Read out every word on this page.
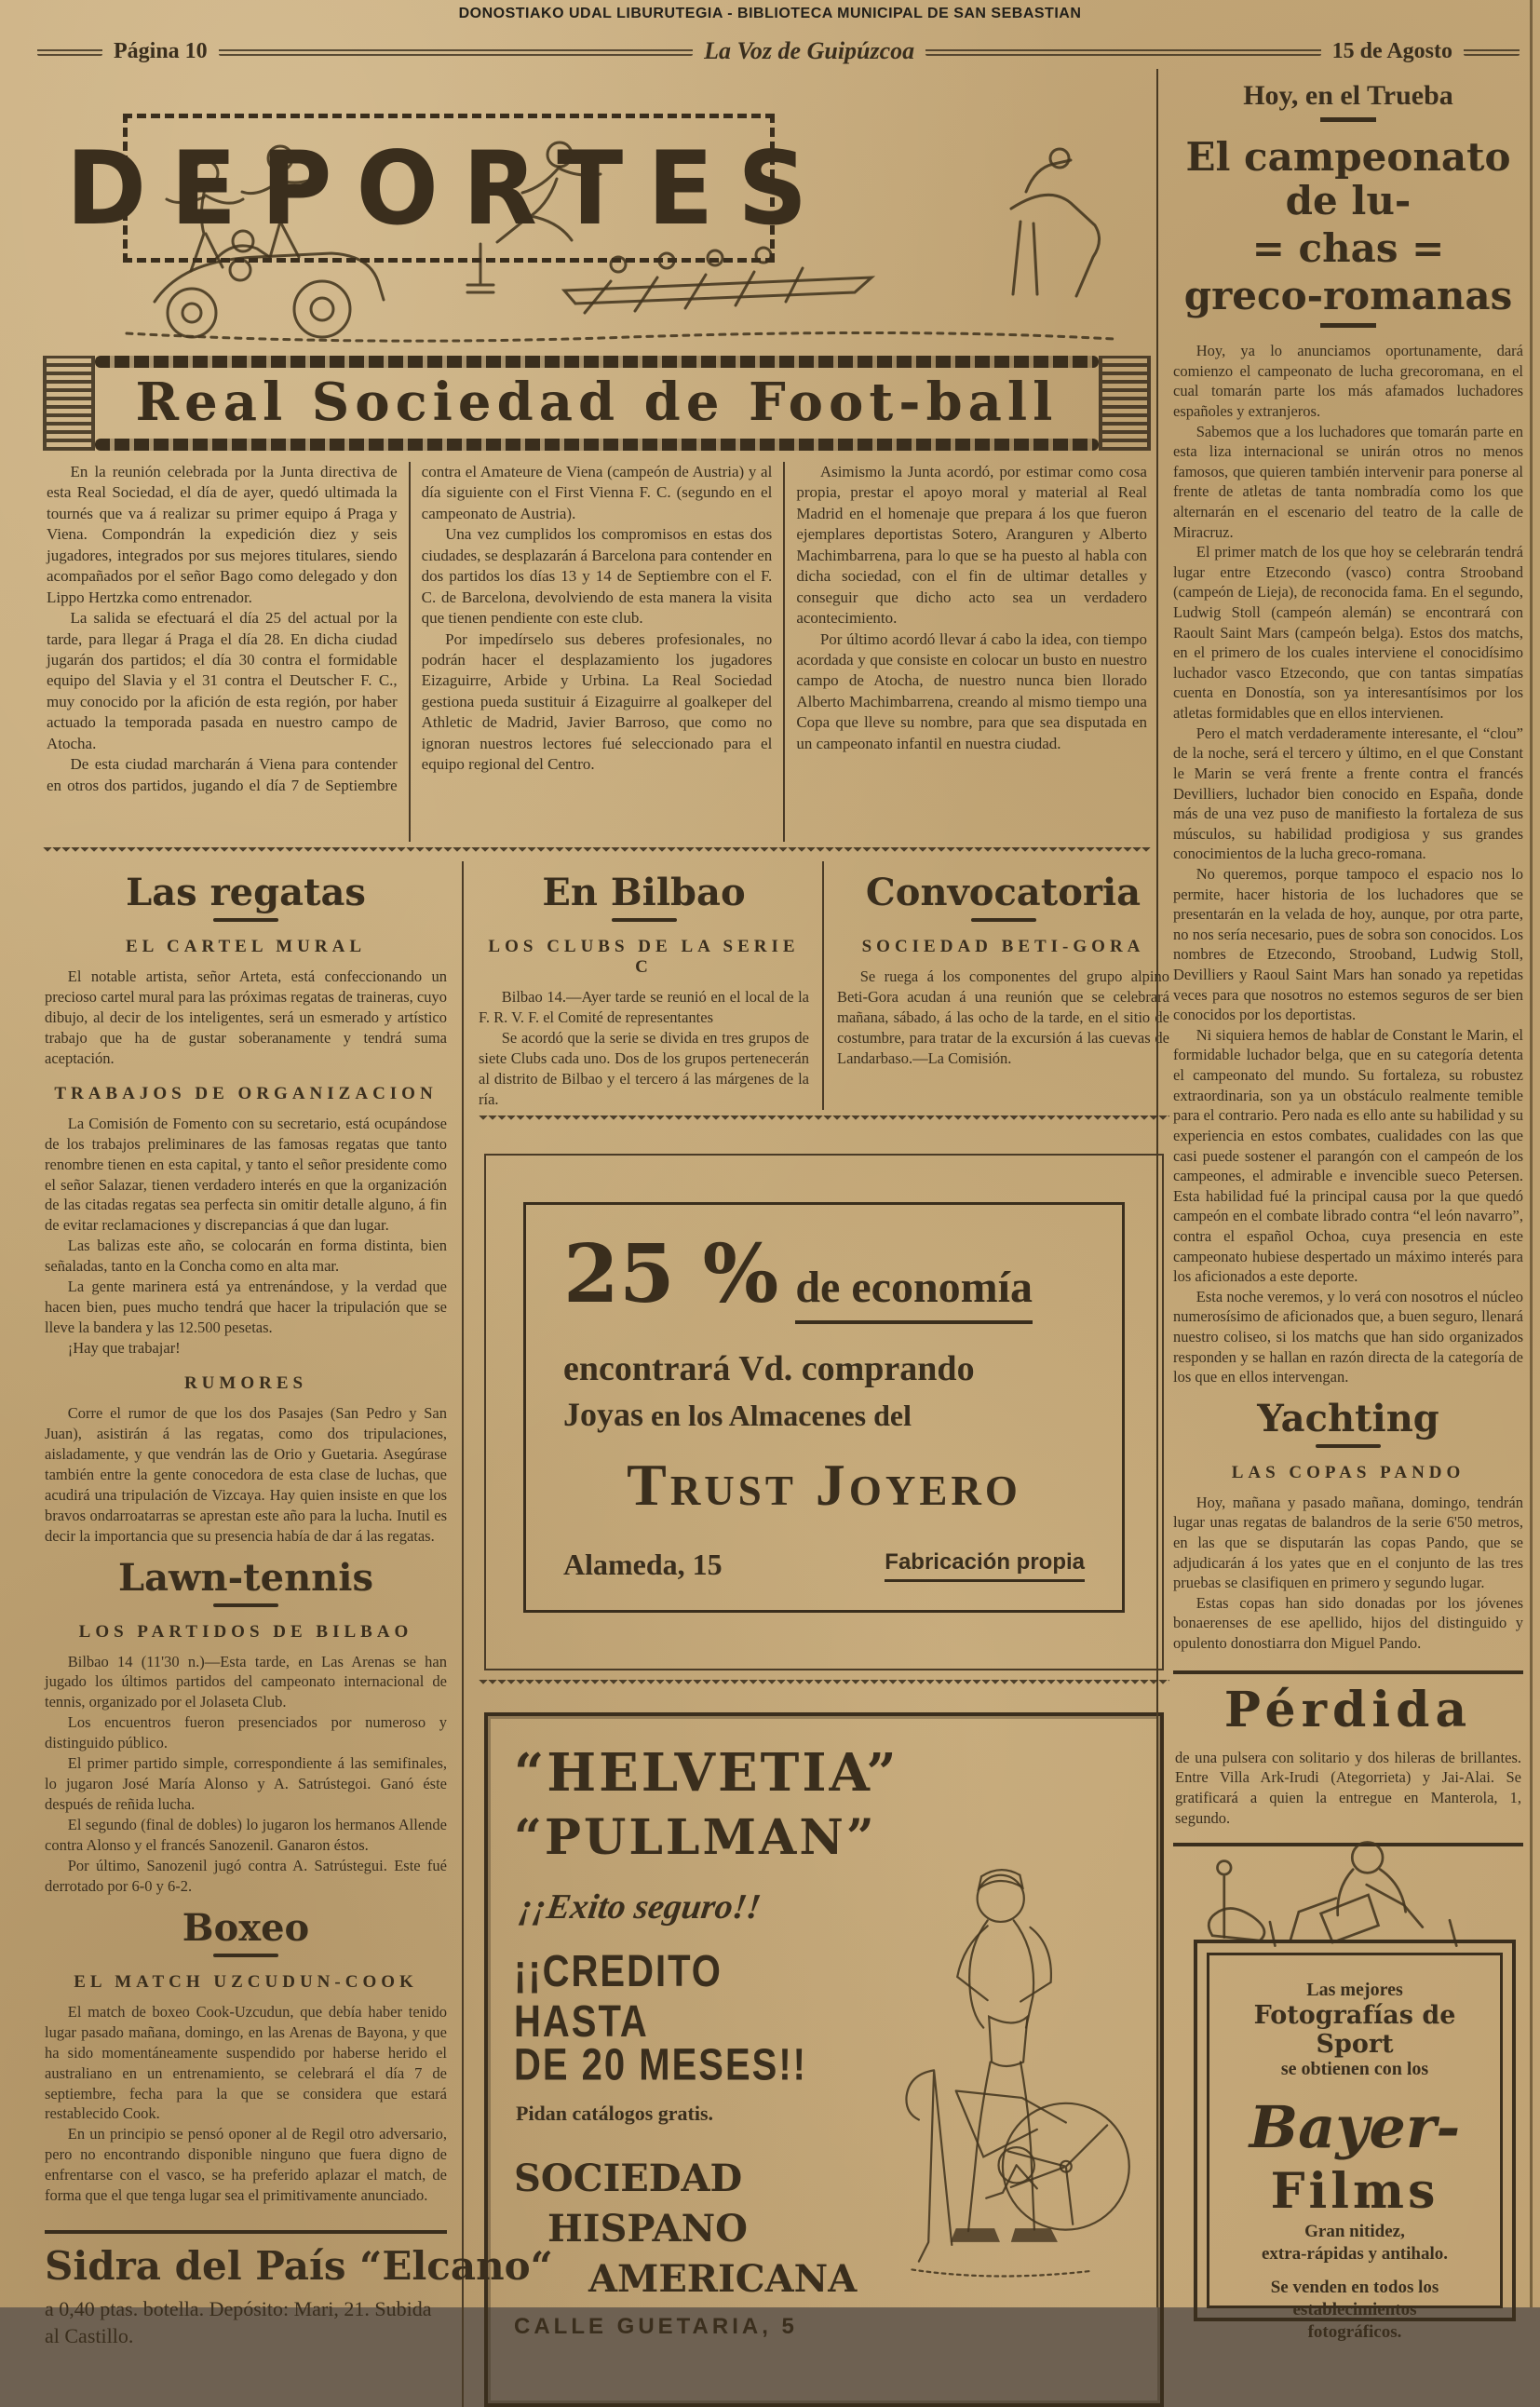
DONOSTIAKO UDAL LIBURUTEGIA - BIBLIOTECA MUNICIPAL DE SAN SEBASTIAN
Página 10	La Voz de Guipúzcoa	15 de Agosto
DEPORTES
Real Sociedad de Foot-ball

En la reunión celebrada por la Junta directiva de esta Real Sociedad, el día de ayer, quedó ultimada la tournés que va á realizar su primer equipo á Praga y Viena. Compondrán la expedición diez y seis jugadores, integrados por sus mejores titulares, siendo acompañados por el señor Bago como delegado y don Lippo Hertzka como entrenador.

La salida se efectuará el día 25 del actual por la tarde, para llegar á Praga el día 28. En dicha ciudad jugarán dos partidos; el día 30 contra el formidable equipo del Slavia y el 31 contra el Deutscher F. C., muy conocido por la afición de esta región, por haber actuado la temporada pasada en nuestro campo de Atocha.

De esta ciudad marcharán á Viena para contender en otros dos partidos, jugando el día 7 de Septiembre contra el Amateure de Viena (campeón de Austria) y al día siguiente con el First Vienna F. C. (segundo en el campeonato de Austria).

Una vez cumplidos los compromisos en estas dos ciudades, se desplazarán á Barcelona para contender en dos partidos los días 13 y 14 de Septiembre con el F. C. de Barcelona, devolviendo de esta manera la visita que tienen pendiente con este club.

Por impedírselo sus deberes profesionales, no podrán hacer el desplazamiento los jugadores Eizaguirre, Arbide y Urbina. La Real Sociedad gestiona pueda sustituir á Eizaguirre al goalkeper del Athletic de Madrid, Javier Barroso, que como no ignoran nuestros lectores fué seleccionado para el equipo regional del Centro.

Asimismo la Junta acordó, por estimar como cosa propia, prestar el apoyo moral y material al Real Madrid en el homenaje que prepara á los que fueron ejemplares deportistas Sotero, Aranguren y Alberto Machimbarrena, para lo que se ha puesto al habla con dicha sociedad, con el fin de ultimar detalles y conseguir que dicho acto sea un verdadero acontecimiento.

Por último acordó llevar á cabo la idea, con tiempo acordada y que consiste en colocar un busto en nuestro campo de Atocha, de nuestro nunca bien llorado Alberto Machimbarrena, creando al mismo tiempo una Copa que lleve su nombre, para que sea disputada en un campeonato infantil en nuestra ciudad.

Las regatas
EL CARTEL MURAL

El notable artista, señor Arteta, está confeccionando un precioso cartel mural para las próximas regatas de traineras, cuyo dibujo, al decir de los inteligentes, será un esmerado y artístico trabajo que ha de gustar soberanamente y tendrá suma aceptación.

TRABAJOS DE ORGANIZACION

La Comisión de Fomento con su secretario, está ocupándose de los trabajos preliminares de las famosas regatas que tanto renombre tienen en esta capital, y tanto el señor presidente como el señor Salazar, tienen verdadero interés en que la organización de las citadas regatas sea perfecta sin omitir detalle alguno, á fin de evitar reclamaciones y discrepancias á que dan lugar.

Las balizas este año, se colocarán en forma distinta, bien señaladas, tanto en la Concha como en alta mar.

La gente marinera está ya entrenándose, y la verdad que hacen bien, pues mucho tendrá que hacer la tripulación que se lleve la bandera y las 12.500 pesetas.

¡Hay que trabajar!

RUMORES

Corre el rumor de que los dos Pasajes (San Pedro y San Juan), asistirán á las regatas, como dos tripulaciones, aisladamente, y que vendrán las de Orio y Guetaria. Asegúrase también entre la gente conocedora de esta clase de luchas, que acudirá una tripulación de Vizcaya. Hay quien insiste en que los bravos ondarroatarras se aprestan este año para la lucha. Inutil es decir la importancia que su presencia había de dar á las regatas.

Lawn-tennis
LOS PARTIDOS DE BILBAO

Bilbao 14 (11'30 n.)—Esta tarde, en Las Arenas se han jugado los últimos partidos del campeonato internacional de tennis, organizado por el Jolaseta Club.

Los encuentros fueron presenciados por numeroso y distinguido público.

El primer partido simple, correspondiente á las semifinales, lo jugaron José María Alonso y A. Satrústegoi. Ganó éste después de reñida lucha.

El segundo (final de dobles) lo jugaron los hermanos Allende contra Alonso y el francés Sanozenil. Ganaron éstos.

Por último, Sanozenil jugó contra A. Satrústegui. Este fué derrotado por 6-0 y 6-2.

Boxeo
EL MATCH UZCUDUN-COOK

El match de boxeo Cook-Uzcudun, que debía haber tenido lugar pasado mañana, domingo, en las Arenas de Bayona, y que ha sido momentáneamente suspendido por haberse herido el australiano en un entrenamiento, se celebrará el día 7 de septiembre, fecha para la que se considera que estará restablecido Cook.

En un principio se pensó oponer al de Regil otro adversario, pero no encontrando disponible ninguno que fuera digno de enfrentarse con el vasco, se ha preferido aplazar el match, de forma que el que tenga lugar sea el primitivamente anunciado.

Sidra del País “Elcano“
a 0,40 ptas. botella. Depósito: Mari, 21. Subida al Castillo.
En Bilbao
LOS CLUBS DE LA SERIE C

Bilbao 14.—Ayer tarde se reunió en el local de la F. R. V. F. el Comité de representantes

Se acordó que la serie se divida en tres grupos de siete Clubs cada uno. Dos de los grupos pertenecerán al distrito de Bilbao y el tercero á las márgenes de la ría.

Convocatoria
SOCIEDAD BETI-GORA

Se ruega á los componentes del grupo alpino Beti-Gora acudan á una reunión que se celebrará mañana, sábado, á las ocho de la tarde, en el sitio de costumbre, para tratar de la excursión á las cuevas de Landarbaso.—La Comisión.

25 % de economía
encontrará Vd. comprando
Joyas en los Almacenes del
Trust Joyero
Alameda, 15	Fabricación propia
“HELVETIA”
“PULLMAN”
¡¡Exito seguro!!
¡¡CREDITO HASTA
DE 20 MESES!!
Pidan catálogos gratis.
SOCIEDAD
HISPANO
AMERICANA
CALLE GUETARIA, 5
Hoy, en el Trueba
El campeonato de lu-
= chas =
greco-romanas

Hoy, ya lo anunciamos oportunamente, dará comienzo el campeonato de lucha grecoromana, en el cual tomarán parte los más afamados luchadores españoles y extranjeros.

Sabemos que a los luchadores que tomarán parte en esta liza internacional se unirán otros no menos famosos, que quieren también intervenir para ponerse al frente de atletas de tanta nombradía como los que alternarán en el escenario del teatro de la calle de Miracruz.

El primer match de los que hoy se celebrarán tendrá lugar entre Etzecondo (vasco) contra Strooband (campeón de Lieja), de reconocida fama. En el segundo, Ludwig Stoll (campeón alemán) se encontrará con Raoult Saint Mars (campeón belga). Estos dos matchs, en el primero de los cuales interviene el conocidísimo luchador vasco Etzecondo, que con tantas simpatías cuenta en Donostía, son ya interesantísimos por los atletas formidables que en ellos intervienen.

Pero el match verdaderamente interesante, el “clou” de la noche, será el tercero y último, en el que Constant le Marin se verá frente a frente contra el francés Devilliers, luchador bien conocido en España, donde más de una vez puso de manifiesto la fortaleza de sus músculos, su habilidad prodigiosa y sus grandes conocimientos de la lucha greco-romana.

No queremos, porque tampoco el espacio nos lo permite, hacer historia de los luchadores que se presentarán en la velada de hoy, aunque, por otra parte, no nos sería necesario, pues de sobra son conocidos. Los nombres de Etzecondo, Strooband, Ludwig Stoll, Devilliers y Raoul Saint Mars han sonado ya repetidas veces para que nosotros no estemos seguros de ser bien conocidos por los deportistas.

Ni siquiera hemos de hablar de Constant le Marin, el formidable luchador belga, que en su categoría detenta el campeonato del mundo. Su fortaleza, su robustez extraordinaria, son ya un obstáculo realmente temible para el contrario. Pero nada es ello ante su habilidad y su experiencia en estos combates, cualidades con las que casi puede sostener el parangón con el campeón de los campeones, el admirable e invencible sueco Petersen. Esta habilidad fué la principal causa por la que quedó campeón en el combate librado contra “el león navarro”, contra el español Ochoa, cuya presencia en este campeonato hubiese despertado un máximo interés para los aficionados a este deporte.

Esta noche veremos, y lo verá con nosotros el núcleo numerosísimo de aficionados que, a buen seguro, llenará nuestro coliseo, si los matchs que han sido organizados responden y se hallan en razón directa de la categoría de los que en ellos intervengan.

Yachting
LAS COPAS PANDO

Hoy, mañana y pasado mañana, domingo, tendrán lugar unas regatas de balandros de la serie 6'50 metros, en las que se disputarán las copas Pando, que se adjudicarán á los yates que en el conjunto de las tres pruebas se clasifiquen en primero y segundo lugar.

Estas copas han sido donadas por los jóvenes bonaerenses de ese apellido, hijos del distinguido y opulento donostiarra don Miguel Pando.

Pérdida
de una pulsera con solitario y dos hileras de brillantes. Entre Villa Ark-Irudi (Ategorrieta) y Jai-Alai. Se gratificará a quien la entregue en Manterola, 1, segundo.
Las mejores
Fotografías de Sport
se obtienen con los
Bayer-
Films
Gran nitidez,
extra-rápidas y antihalo.
Se venden en todos los
establecimientos
fotográficos.
